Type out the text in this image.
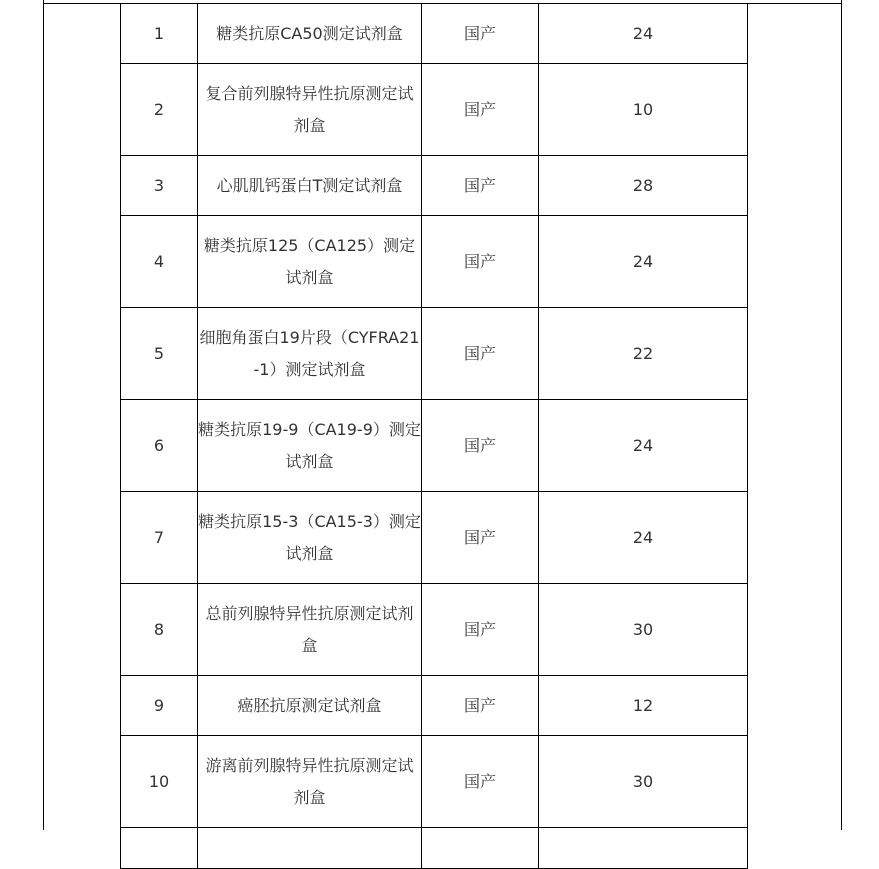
1	糖类抗原CA50测定试剂盒	国产	24
2	复合前列腺特异性抗原测定试剂盒	国产	10
3	心肌肌钙蛋白T测定试剂盒	国产	28
4	糖类抗原125（CA125）测定试剂盒	国产	24
5	细胞角蛋白19片段（CYFRA21-1）测定试剂盒	国产	22
6	糖类抗原19-9（CA19-9）测定试剂盒	国产	24
7	糖类抗原15-3（CA15-3）测定试剂盒	国产	24
8	总前列腺特异性抗原测定试剂盒	国产	30
9	癌胚抗原测定试剂盒	国产	12
10	游离前列腺特异性抗原测定试剂盒	国产	30
